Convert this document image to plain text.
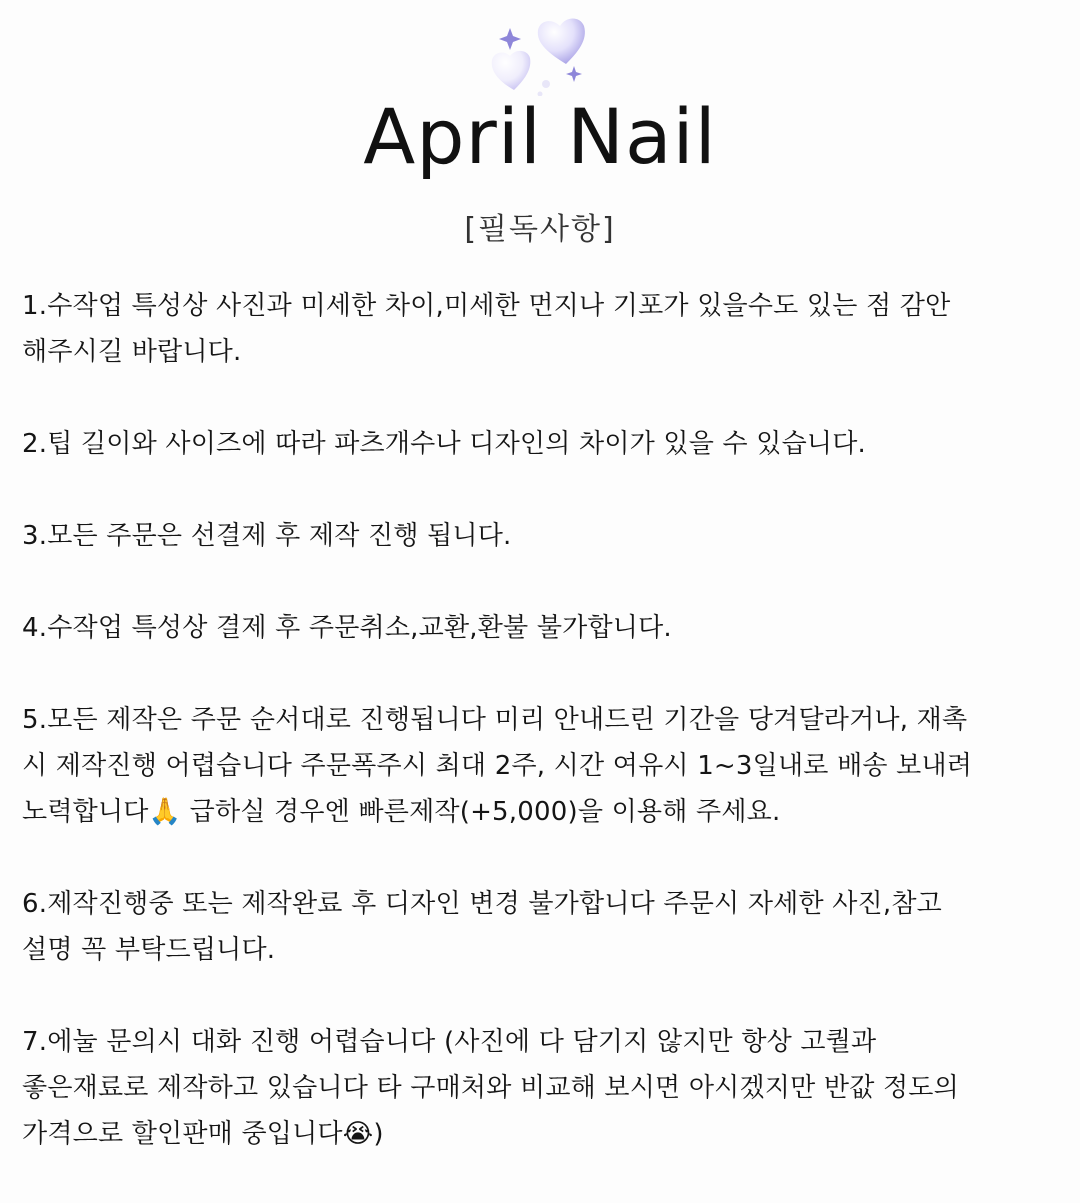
April Nail
[필독사항]
1.수작업 특성상 사진과 미세한 차이,미세한 먼지나 기포가 있을수도 있는 점 감안
해주시길 바랍니다.
2.팁 길이와 사이즈에 따라 파츠개수나 디자인의 차이가 있을 수 있습니다.
3.모든 주문은 선결제 후 제작 진행 됩니다.
4.수작업 특성상 결제 후 주문취소,교환,환불 불가합니다.
5.모든 제작은 주문 순서대로 진행됩니다 미리 안내드린 기간을 당겨달라거나, 재촉
시 제작진행 어렵습니다 주문폭주시 최대 2주, 시간 여유시 1~3일내로 배송 보내려
노력합니다🙏 급하실 경우엔 빠른제작(+5,000)을 이용해 주세요.
6.제작진행중 또는 제작완료 후 디자인 변경 불가합니다 주문시 자세한 사진,참고
설명 꼭 부탁드립니다.
7.에눌 문의시 대화 진행 어렵습니다 (사진에 다 담기지 않지만 항상 고퀄과
좋은재료로 제작하고 있습니다 타 구매처와 비교해 보시면 아시겠지만 반값 정도의
가격으로 할인판매 중입니다😭)
